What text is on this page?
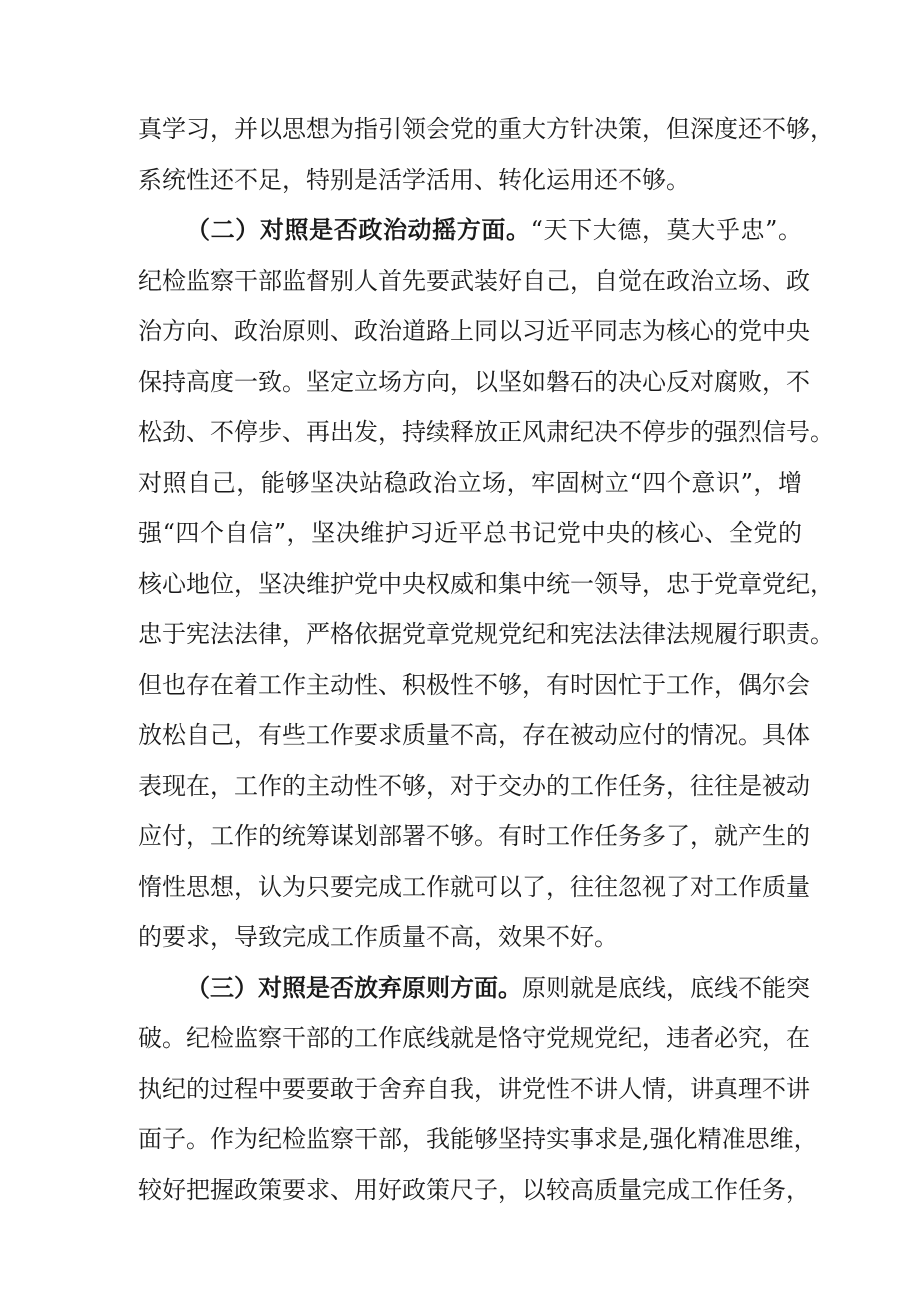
真学习，并以思想为指引领会党的重大方针决策，但深度还不够，
系统性还不足，特别是活学活用、转化运用还不够。
（二）对照是否政治动摇方面。“天下大德，莫大乎忠”。
纪检监察干部监督别人首先要武装好自己，自觉在政治立场、政
治方向、政治原则、政治道路上同以习近平同志为核心的党中央
保持高度一致。坚定立场方向，以坚如磐石的决心反对腐败，不
松劲、不停步、再出发，持续释放正风肃纪决不停步的强烈信号。
对照自己，能够坚决站稳政治立场，牢固树立“四个意识”，增
强“四个自信”，坚决维护习近平总书记党中央的核心、全党的
核心地位，坚决维护党中央权威和集中统一领导，忠于党章党纪，
忠于宪法法律，严格依据党章党规党纪和宪法法律法规履行职责。
但也存在着工作主动性、积极性不够，有时因忙于工作，偶尔会
放松自己，有些工作要求质量不高，存在被动应付的情况。具体
表现在，工作的主动性不够，对于交办的工作任务，往往是被动
应付，工作的统筹谋划部署不够。有时工作任务多了，就产生的
惰性思想，认为只要完成工作就可以了，往往忽视了对工作质量
的要求，导致完成工作质量不高，效果不好。
（三）对照是否放弃原则方面。原则就是底线，底线不能突
破。纪检监察干部的工作底线就是恪守党规党纪，违者必究，在
执纪的过程中要要敢于舍弃自我，讲党性不讲人情，讲真理不讲
面子。作为纪检监察干部，我能够坚持实事求是,强化精准思维，
较好把握政策要求、用好政策尺子，以较高质量完成工作任务，
